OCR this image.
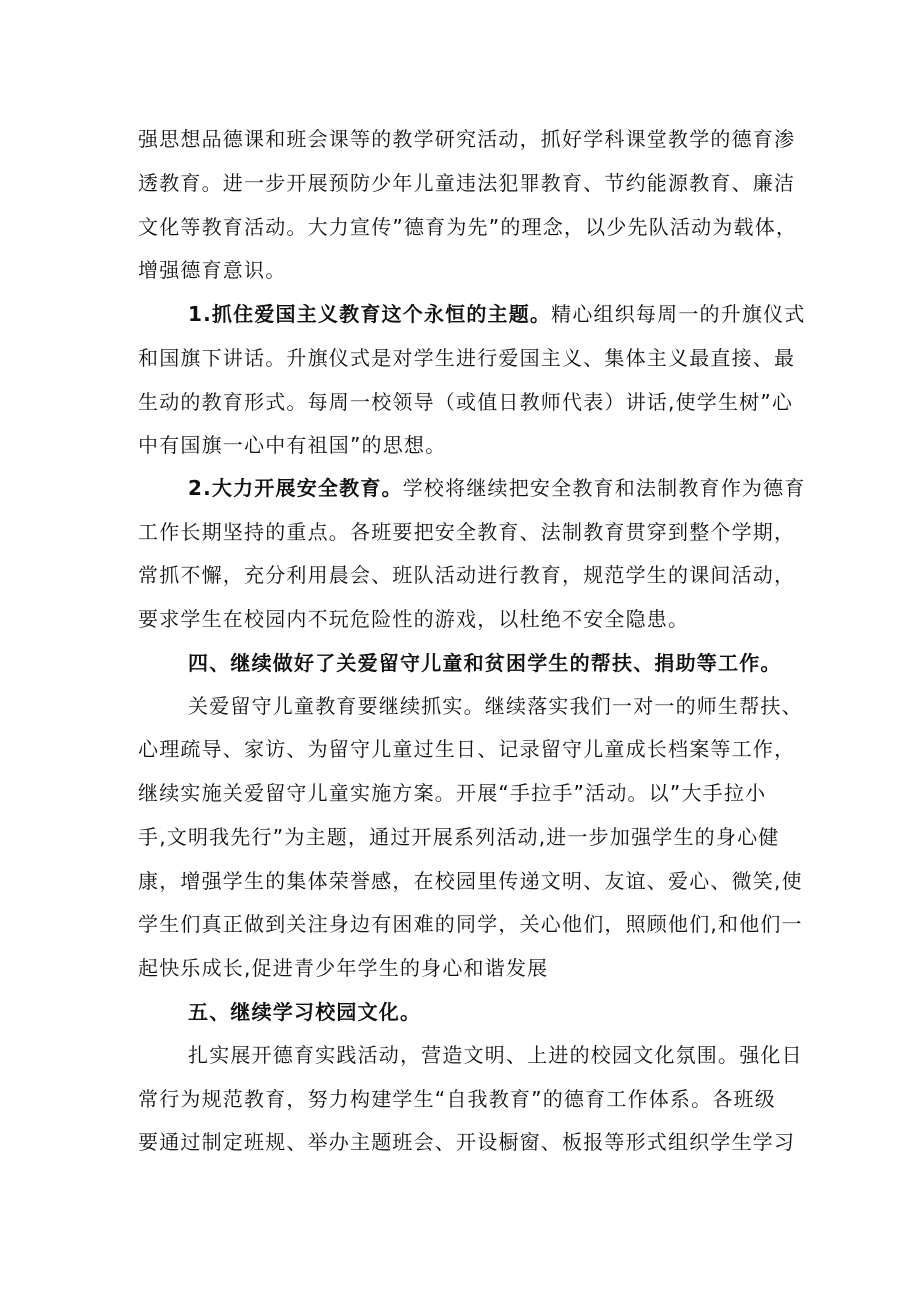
强思想品德课和班会课等的教学研究活动，抓好学科课堂教学的德育渗
透教育。进一步开展预防少年儿童违法犯罪教育、节约能源教育、廉洁
文化等教育活动。大力宣传”德育为先”的理念，以少先队活动为载体，
增强德育意识。
1.抓住爱国主义教育这个永恒的主题。精心组织每周一的升旗仪式
和国旗下讲话。升旗仪式是对学生进行爱国主义、集体主义最直接、最
生动的教育形式。每周一校领导（或值日教师代表）讲话,使学生树”心
中有国旗一心中有祖国”的思想。
2.大力开展安全教育。学校将继续把安全教育和法制教育作为德育
工作长期坚持的重点。各班要把安全教育、法制教育贯穿到整个学期，
常抓不懈，充分利用晨会、班队活动进行教育，规范学生的课间活动，
要求学生在校园内不玩危险性的游戏，以杜绝不安全隐患。
四、继续做好了关爱留守儿童和贫困学生的帮扶、捐助等工作。
关爱留守儿童教育要继续抓实。继续落实我们一对一的师生帮扶、
心理疏导、家访、为留守儿童过生日、记录留守儿童成长档案等工作，
继续实施关爱留守儿童实施方案。开展“手拉手”活动。以”大手拉小
手,文明我先行”为主题，通过开展系列活动,进一步加强学生的身心健
康，增强学生的集体荣誉感，在校园里传递文明、友谊、爱心、微笑,使
学生们真正做到关注身边有困难的同学，关心他们，照顾他们,和他们一
起快乐成长,促进青少年学生的身心和谐发展
五、继续学习校园文化。
扎实展开德育实践活动，营造文明、上进的校园文化氛围。强化日
常行为规范教育，努力构建学生“自我教育”的德育工作体系。各班级
要通过制定班规、举办主题班会、开设橱窗、板报等形式组织学生学习
